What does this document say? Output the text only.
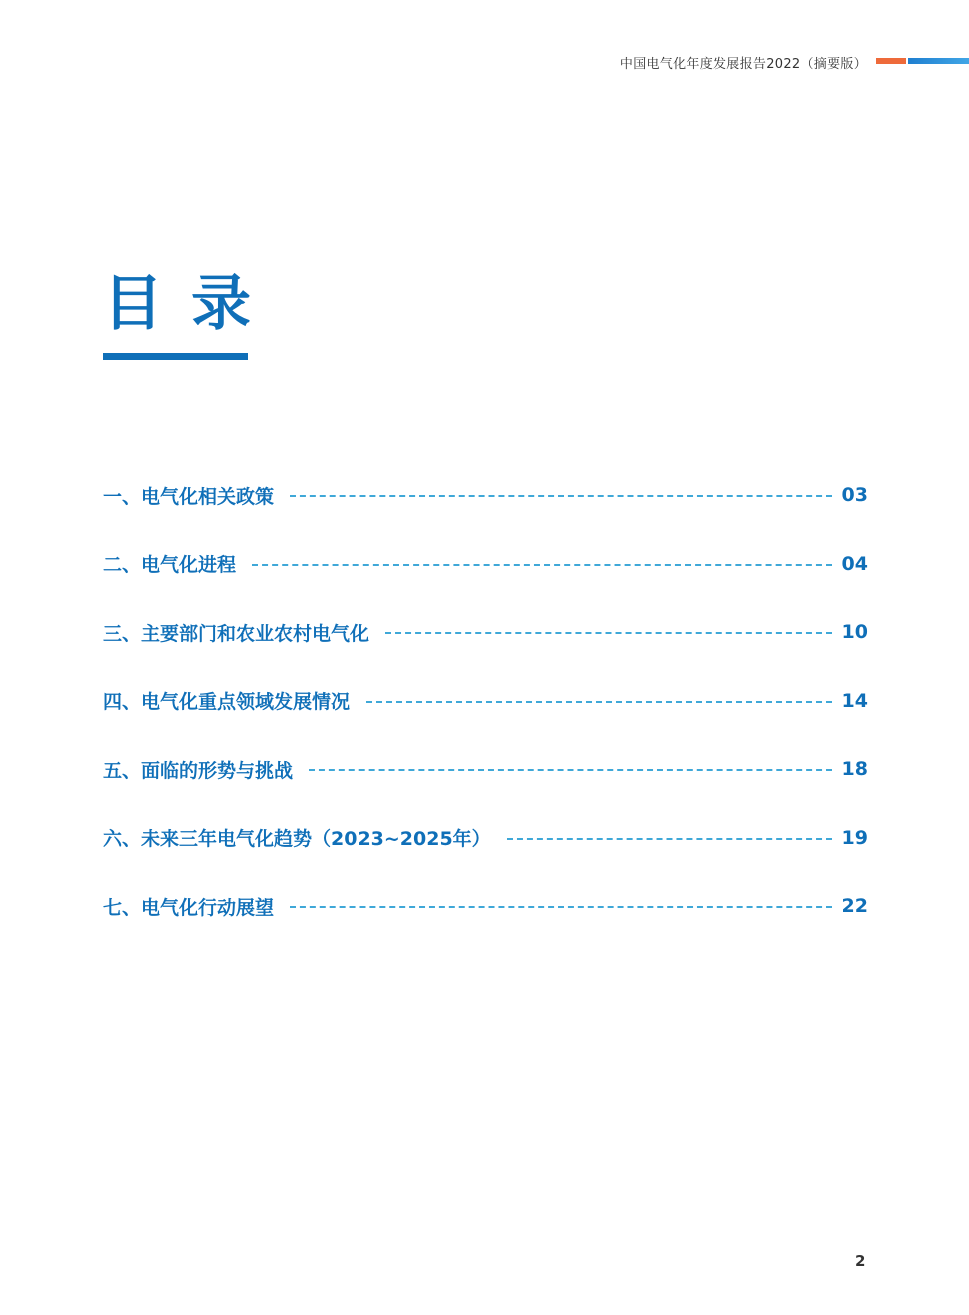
中国电气化年度发展报告2022（摘要版）
目录
一、电气化相关政策	03
二、电气化进程	04
三、主要部门和农业农村电气化	10
四、电气化重点领域发展情况	14
五、面临的形势与挑战	18
六、未来三年电气化趋势（2023~2025年）	19
七、电气化行动展望	22
2
